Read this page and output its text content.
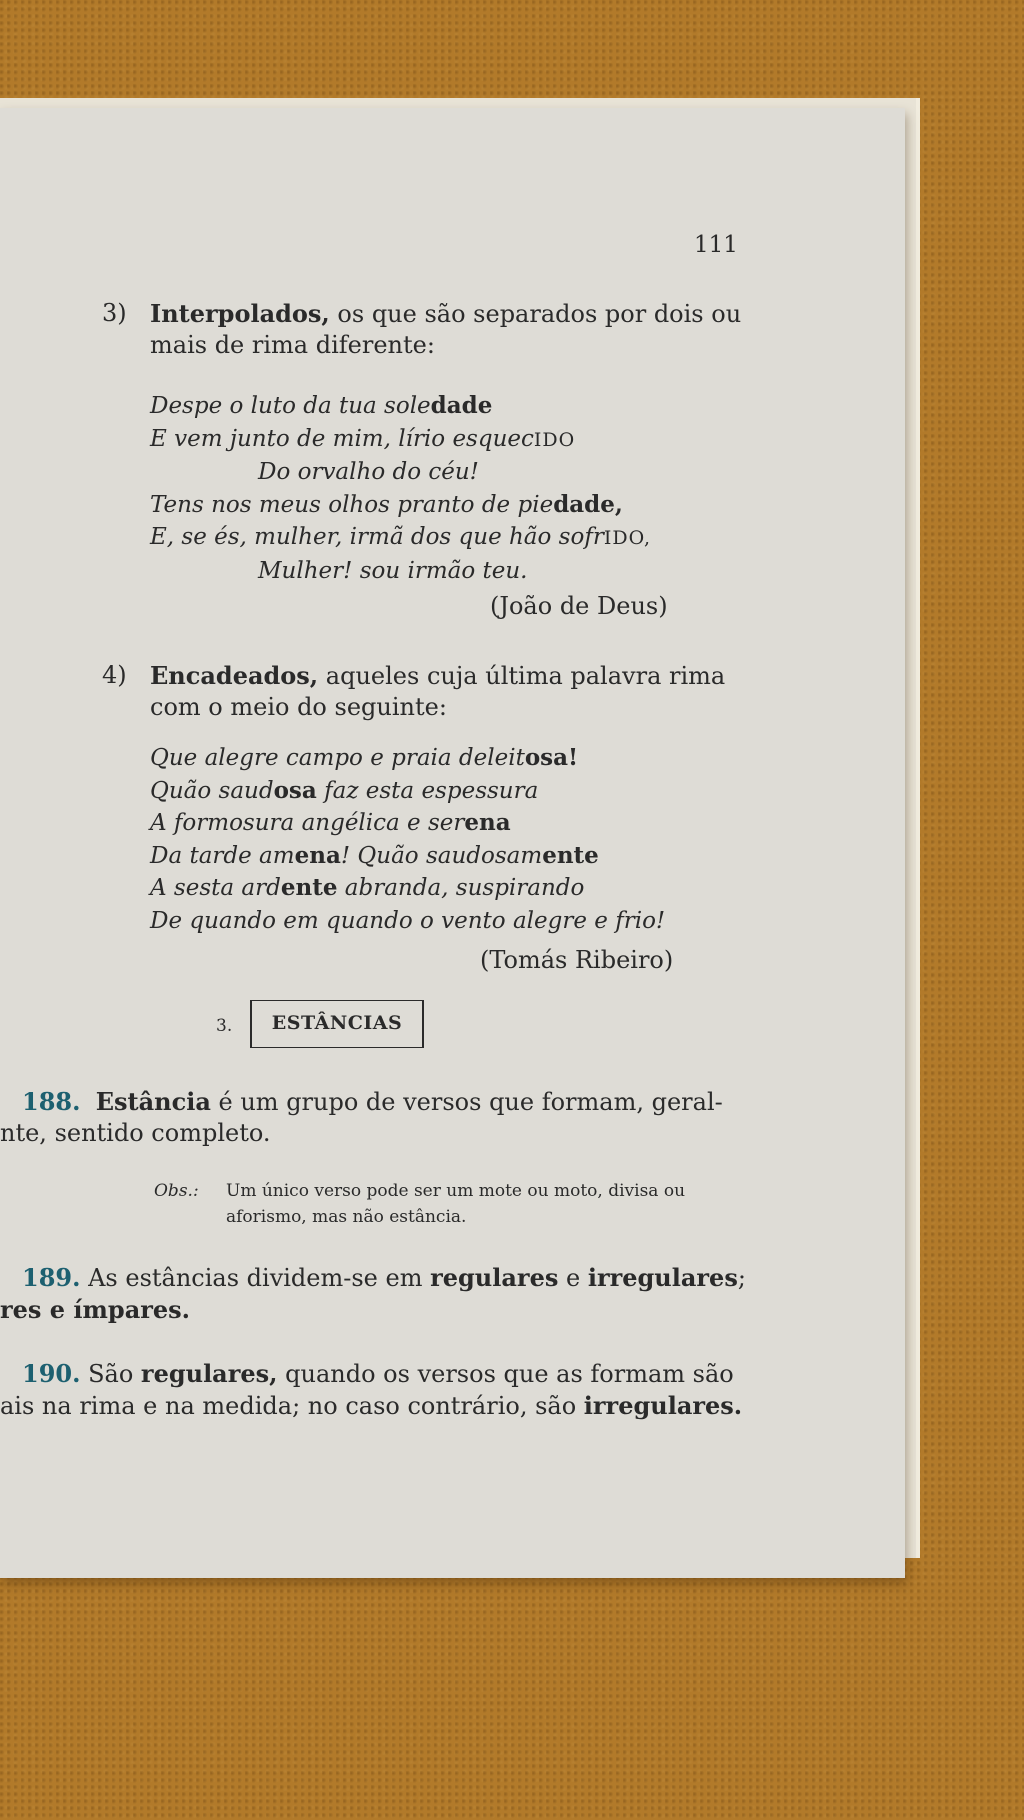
111
3) Interpolados, os que são separados por dois ou mais de rima diferente:
Despe o luto da tua soledade
E vem junto de mim, lírio esquecIDO
Do orvalho do céu!
Tens nos meus olhos pranto de piedade,
E, se és, mulher, irmã dos que hão sofrIDO,
Mulher! sou irmão teu.
(João de Deus)
4) Encadeados, aqueles cuja última palavra rima com o meio do seguinte:
Que alegre campo e praia deleitosa!
Quão saudosa faz esta espessura
A formosura angélica e serena
Da tarde amena! Quão saudosamente
A sesta ardente abranda, suspirando
De quando em quando o vento alegre e frio!
(Tomás Ribeiro)
3.	ESTÂNCIAS
188. Estância é um grupo de versos que formam, geral-
nte, sentido completo.
Obs.: Um único verso pode ser um mote ou moto, divisa ou aforismo, mas não estância.
189. As estâncias dividem-se em regulares e irregulares;
res e ímpares.
190. São regulares, quando os versos que as formam são
ais na rima e na medida; no caso contrário, são irregulares.
